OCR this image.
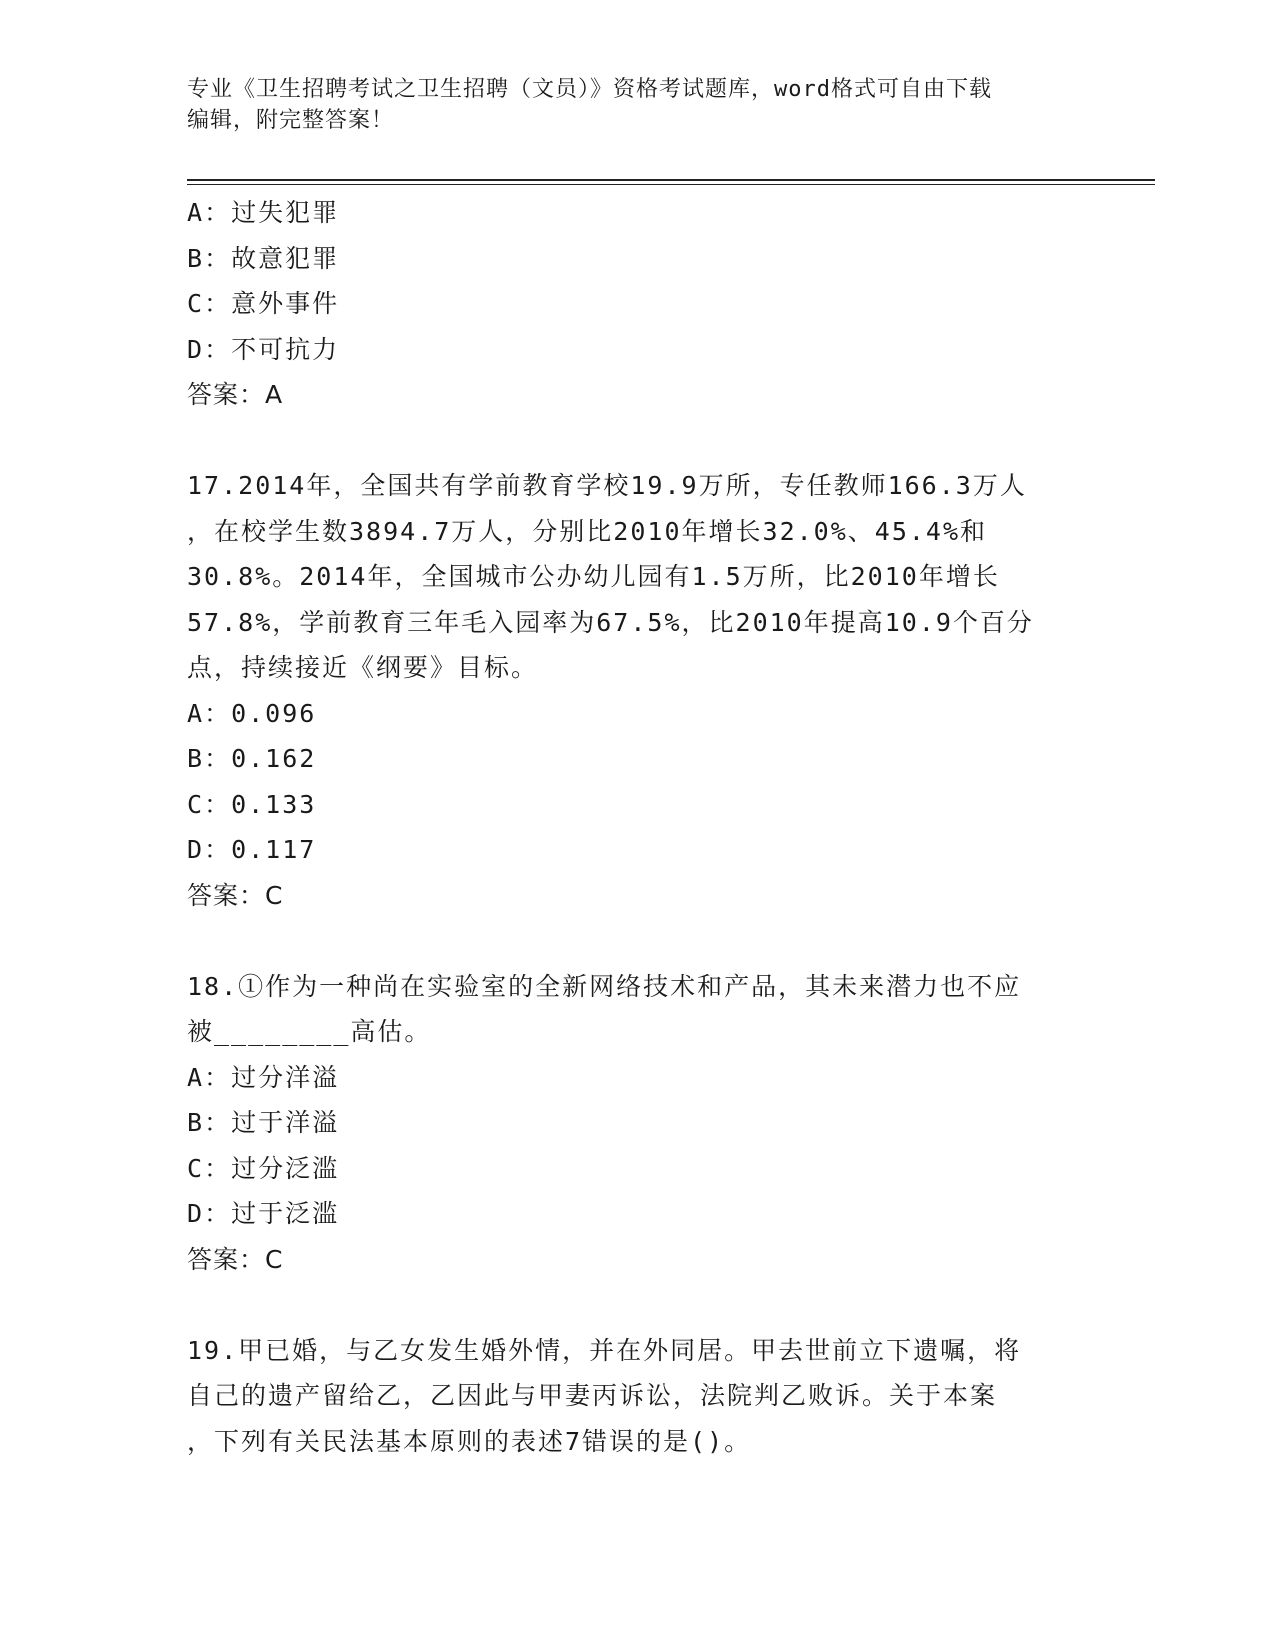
专业《卫生招聘考试之卫生招聘（文员）》资格考试题库，word格式可自由下载
编辑，附完整答案！
A：过失犯罪
B：故意犯罪
C：意外事件
D：不可抗力
答案：A
17.2014年，全国共有学前教育学校19.9万所，专任教师166.3万人
，在校学生数3894.7万人，分别比2010年增长32.0%、45.4%和
30.8%。2014年，全国城市公办幼儿园有1.5万所，比2010年增长
57.8%，学前教育三年毛入园率为67.5%，比2010年提高10.9个百分
点，持续接近《纲要》目标。
A：0.096
B：0.162
C：0.133
D：0.117
答案：C
18.①作为一种尚在实验室的全新网络技术和产品，其未来潜力也不应
被________高估。
A：过分洋溢
B：过于洋溢
C：过分泛滥
D：过于泛滥
答案：C
19.甲已婚，与乙女发生婚外情，并在外同居。甲去世前立下遗嘱，将
自己的遗产留给乙，乙因此与甲妻丙诉讼，法院判乙败诉。关于本案
，下列有关民法基本原则的表述7错误的是()。
